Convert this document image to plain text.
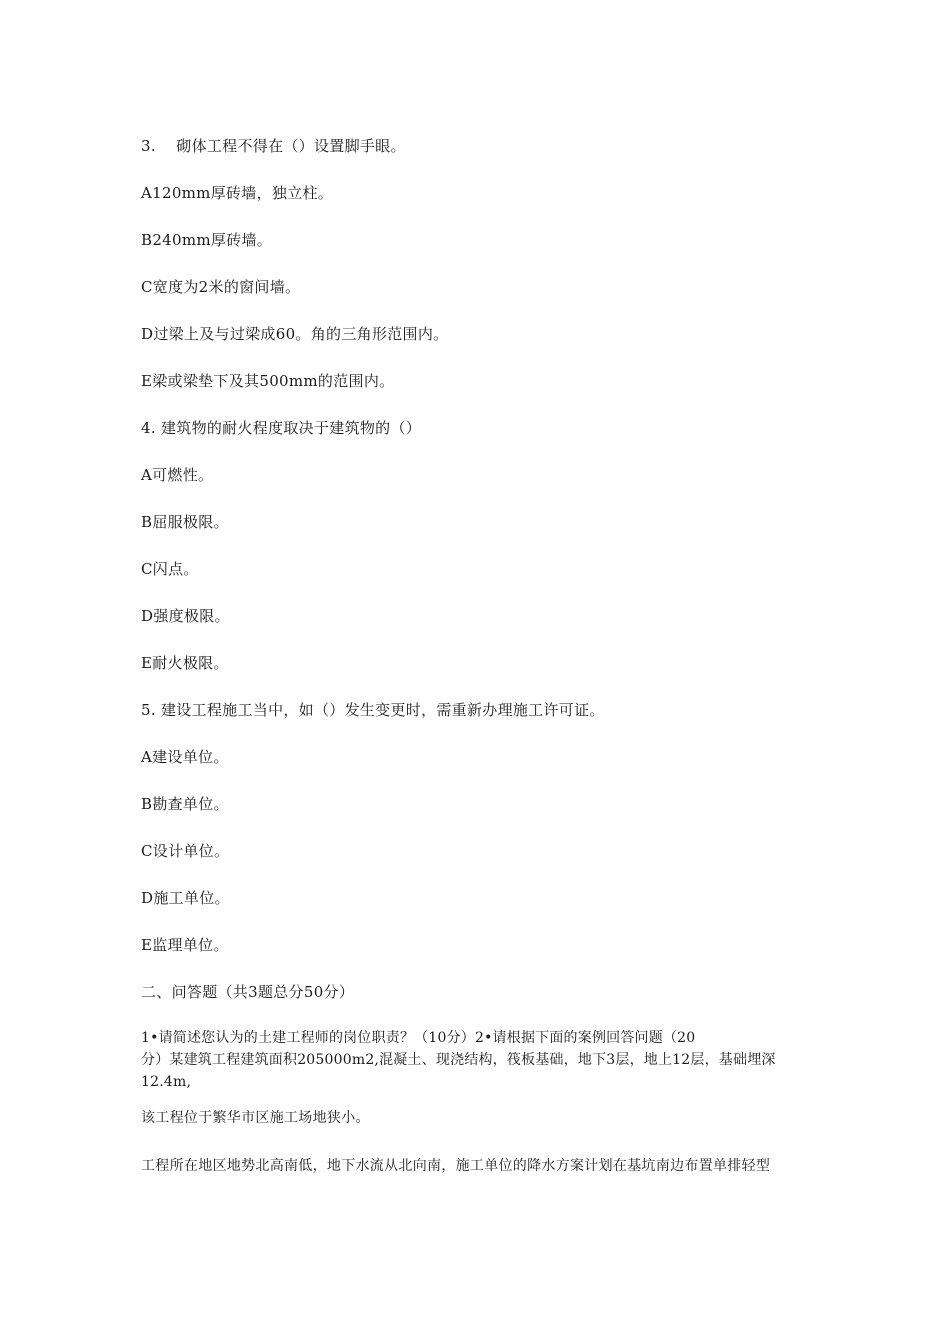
3.　 砌体工程不得在（）设置脚手眼。
A120mm厚砖墙，独立柱。
B240mm厚砖墙。
C宽度为2米的窗间墙。
D过梁上及与过梁成60。角的三角形范围内。
E梁或梁垫下及其500mm的范围内。
4. 建筑物的耐火程度取决于建筑物的（）
A可燃性。
B屈服极限。
C闪点。
D强度极限。
E耐火极限。
5. 建设工程施工当中，如（）发生变更时，需重新办理施工许可证。
A建设单位。
B勘查单位。
C设计单位。
D施工单位。
E监理单位。
二、问答题（共3题总分50分）
1•请简述您认为的土建工程师的岗位职责？（10分）2•请根据下面的案例回答问题（20
分）某建筑工程建筑面积205000m2,混凝土、现浇结构，筏板基础，地下3层，地上12层，基础埋深
12.4m,
该工程位于繁华市区施工场地狭小。
工程所在地区地势北高南低，地下水流从北向南，施工单位的降水方案计划在基坑南边布置单排轻型
